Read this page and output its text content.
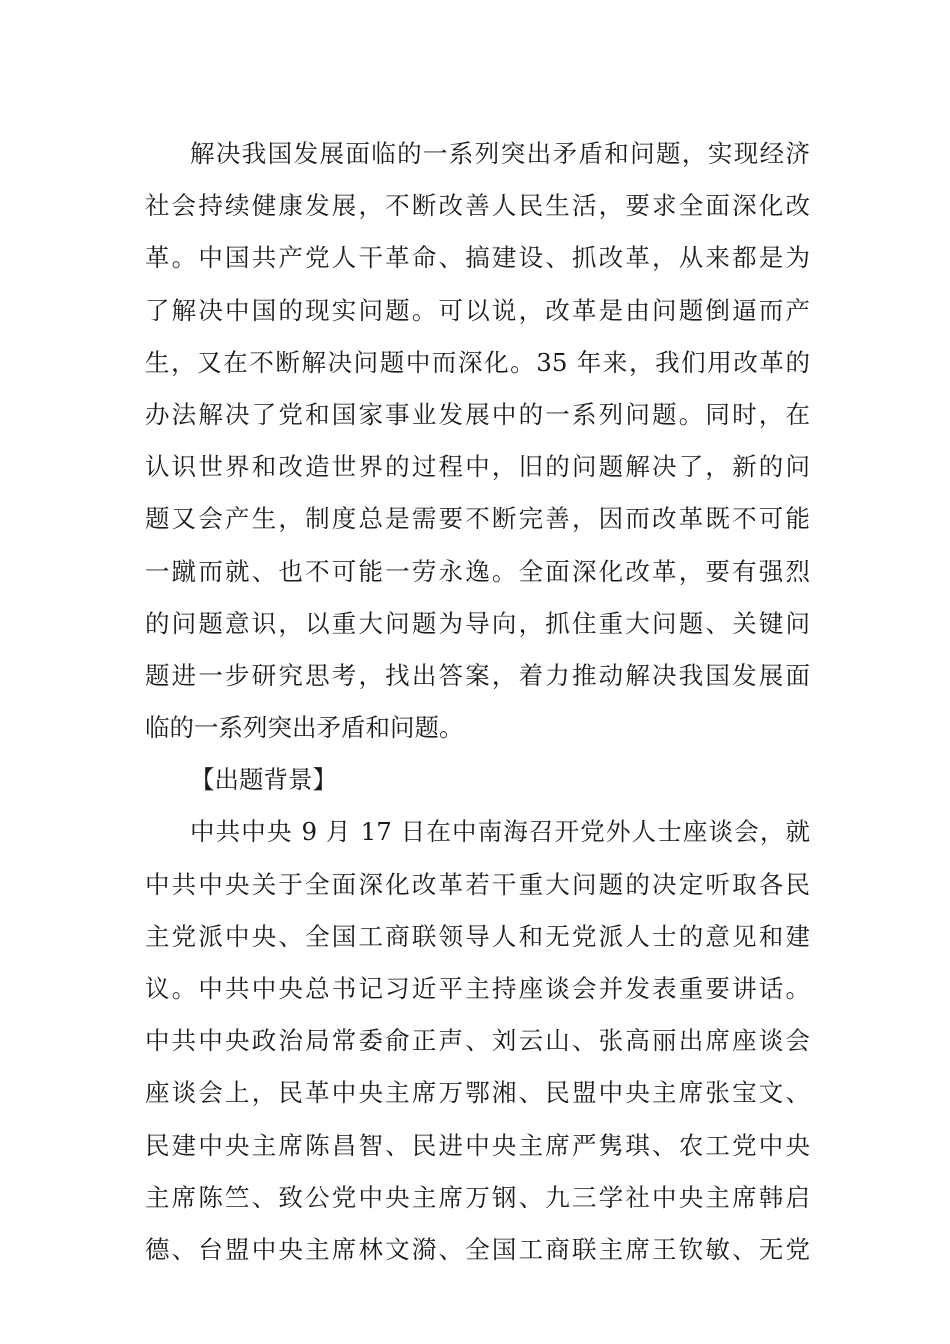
解决我国发展面临的一系列突出矛盾和问题，实现经济
社会持续健康发展，不断改善人民生活，要求全面深化改
革。中国共产党人干革命、搞建设、抓改革，从来都是为
了解决中国的现实问题。可以说，改革是由问题倒逼而产
生，又在不断解决问题中而深化。35 年来，我们用改革的
办法解决了党和国家事业发展中的一系列问题。同时，在
认识世界和改造世界的过程中，旧的问题解决了，新的问
题又会产生，制度总是需要不断完善，因而改革既不可能
一蹴而就、也不可能一劳永逸。全面深化改革，要有强烈
的问题意识，以重大问题为导向，抓住重大问题、关键问
题进一步研究思考，找出答案，着力推动解决我国发展面
临的一系列突出矛盾和问题。
【出题背景】
中共中央 9 月 17 日在中南海召开党外人士座谈会，就
中共中央关于全面深化改革若干重大问题的决定听取各民
主党派中央、全国工商联领导人和无党派人士的意见和建
议。中共中央总书记习近平主持座谈会并发表重要讲话。
中共中央政治局常委俞正声、刘云山、张高丽出席座谈会
座谈会上，民革中央主席万鄂湘、民盟中央主席张宝文、
民建中央主席陈昌智、民进中央主席严隽琪、农工党中央
主席陈竺、致公党中央主席万钢、九三学社中央主席韩启
德、台盟中央主席林文漪、全国工商联主席王钦敏、无党
